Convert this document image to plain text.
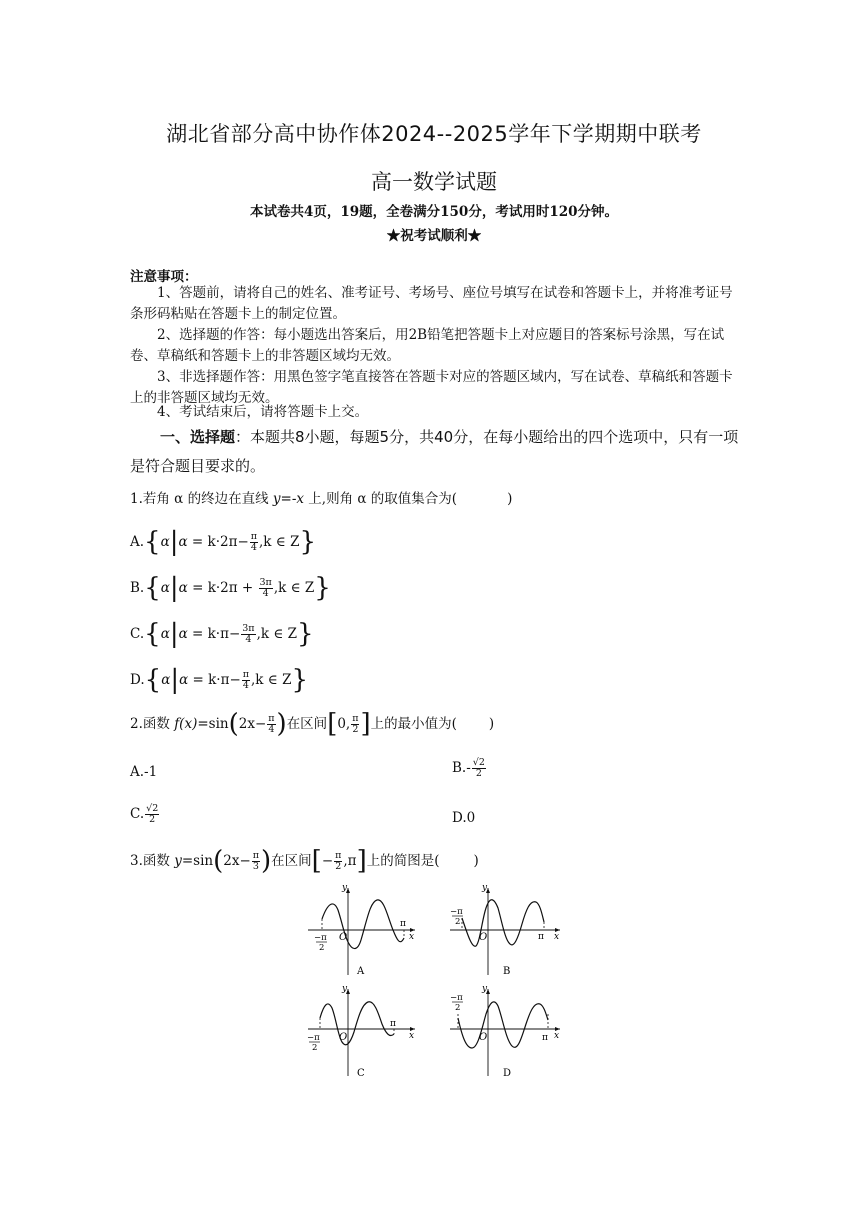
湖北省部分高中协作体2024--2025学年下学期期中联考
高一数学试题
本试卷共4页，19题，全卷满分150分，考试用时120分钟。
★祝考试顺利★
注意事项：
1、答题前，请将自己的姓名、准考证号、考场号、座位号填写在试卷和答题卡上，并将准考证号条形码粘贴在答题卡上的制定位置。
2、选择题的作答：每小题选出答案后，用2B铅笔把答题卡上对应题目的答案标号涂黑，写在试卷、草稿纸和答题卡上的非答题区域均无效。
3、非选择题作答：用黑色签字笔直接答在答题卡对应的答题区域内，写在试卷、草稿纸和答题卡上的非答题区域均无效。
4、考试结束后，请将答题卡上交。
一、选择题：本题共8小题，每题5分，共40分，在每小题给出的四个选项中，只有一项是符合题目要求的。
1.若角 α 的终边在直线 y=-x 上,则角 α 的取值集合为(	)
$A.\{\alpha|\alpha = k\cdot 2\pi- \frac{\pi}{4} ,k$ ∈ Z}
$B.\{\alpha|\alpha = k\cdot 2\pi + \frac{3\pi}{4} ,k$ ∈ Z}
$C.\{\alpha|\alpha = k\cdot\pi- \frac{3\pi}{4} ,k$ ∈ Z}
$D.\{\alpha|\alpha = k\cdot\pi- \frac{\pi}{4} ,k$ ∈ Z}
2.函数 $f(x)=\sin(2x- \frac{\pi}{4}$ )在区间[0, $\frac{\pi}{2}$ ]上的最小值为( )
A.-1	$B.- \frac{√2}{2}$
C. $\frac{√2}{2}$	D.0
3.函数 $y=\sin(2x- \frac{\pi}{3}$ )在区间[− $\frac{\pi}{2} ,\pi$]上的简图是(	)
y
x
O
π
−π
2
A
y
x
O	π
−π
2
B
y
x
O
π
−π
2
C
y
x
O	π
−π
2
D
